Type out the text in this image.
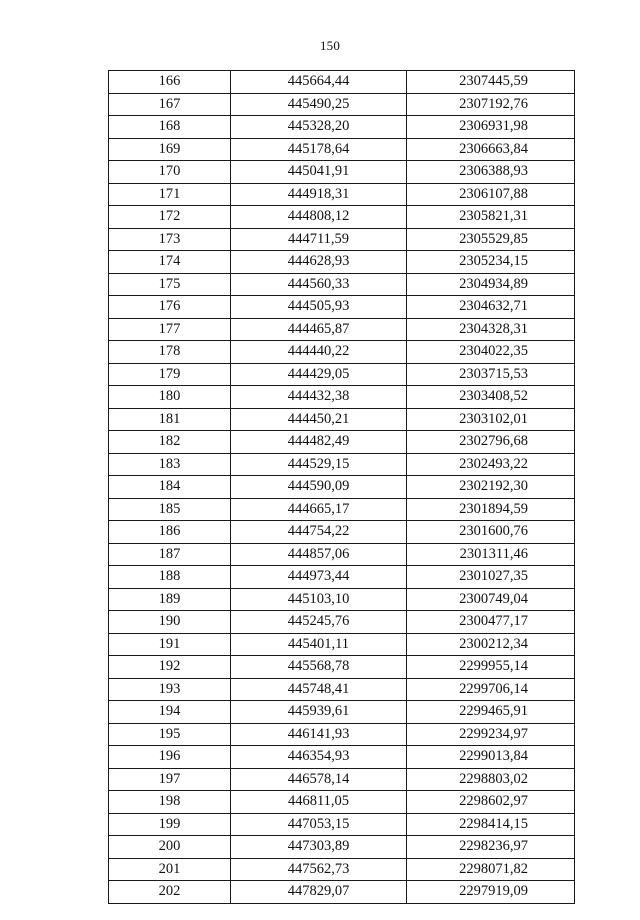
150
166	445664,44	2307445,59
167	445490,25	2307192,76
168	445328,20	2306931,98
169	445178,64	2306663,84
170	445041,91	2306388,93
171	444918,31	2306107,88
172	444808,12	2305821,31
173	444711,59	2305529,85
174	444628,93	2305234,15
175	444560,33	2304934,89
176	444505,93	2304632,71
177	444465,87	2304328,31
178	444440,22	2304022,35
179	444429,05	2303715,53
180	444432,38	2303408,52
181	444450,21	2303102,01
182	444482,49	2302796,68
183	444529,15	2302493,22
184	444590,09	2302192,30
185	444665,17	2301894,59
186	444754,22	2301600,76
187	444857,06	2301311,46
188	444973,44	2301027,35
189	445103,10	2300749,04
190	445245,76	2300477,17
191	445401,11	2300212,34
192	445568,78	2299955,14
193	445748,41	2299706,14
194	445939,61	2299465,91
195	446141,93	2299234,97
196	446354,93	2299013,84
197	446578,14	2298803,02
198	446811,05	2298602,97
199	447053,15	2298414,15
200	447303,89	2298236,97
201	447562,73	2298071,82
202	447829,07	2297919,09
